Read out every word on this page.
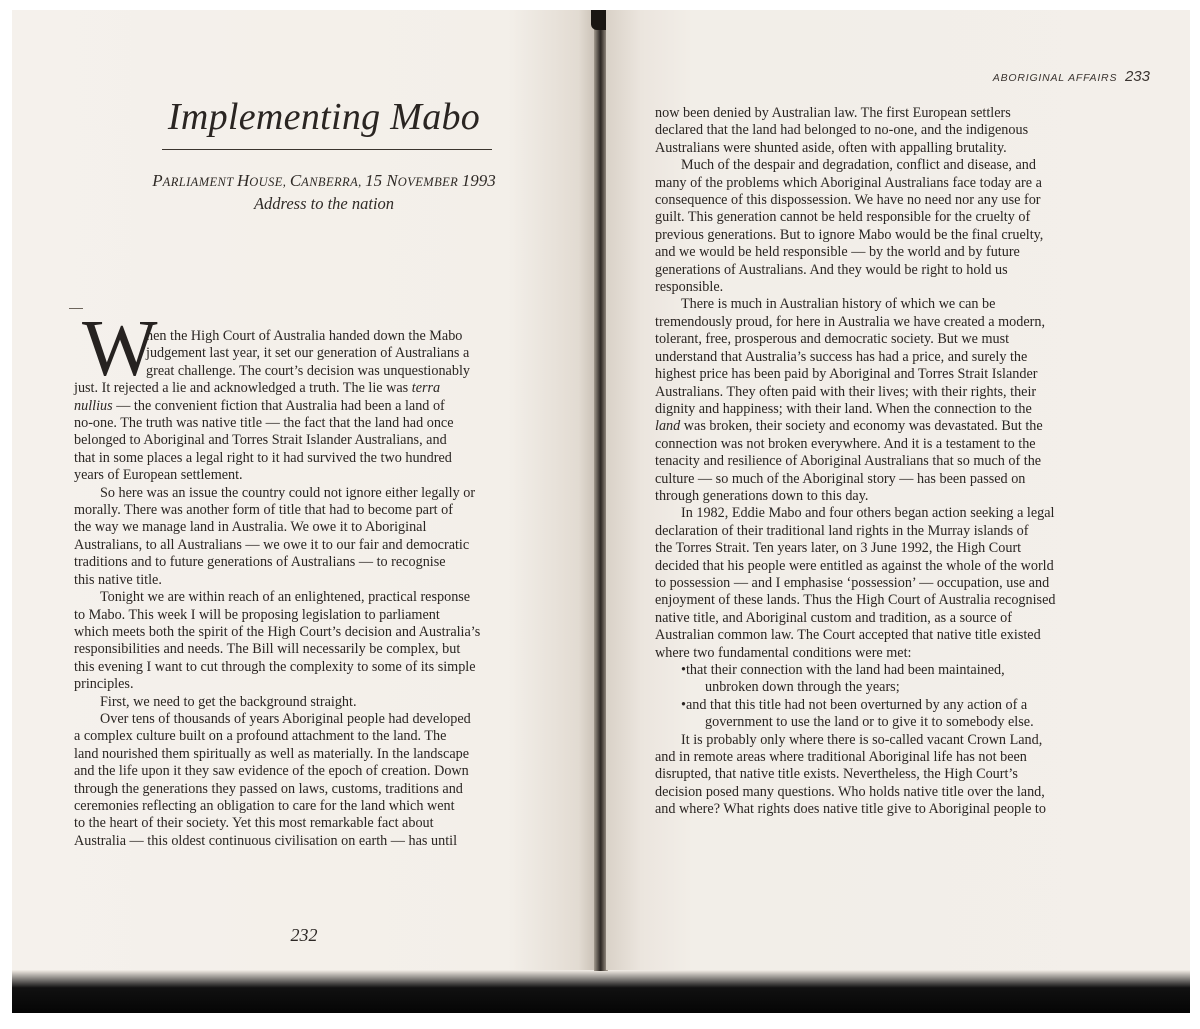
Implementing Mabo
PARLIAMENT HOUSE, CANBERRA, 15 NOVEMBER 1993
Address to the nation
W
hen the High Court of Australia handed down the Mabo
judgement last year, it set our generation of Australians a
great challenge. The court’s decision was unquestionably
just. It rejected a lie and acknowledged a truth. The lie was terra
nullius — the convenient fiction that Australia had been a land of
no-one. The truth was native title — the fact that the land had once
belonged to Aboriginal and Torres Strait Islander Australians, and
that in some places a legal right to it had survived the two hundred
years of European settlement.
So here was an issue the country could not ignore either legally or
morally. There was another form of title that had to become part of
the way we manage land in Australia. We owe it to Aboriginal
Australians, to all Australians — we owe it to our fair and democratic
traditions and to future generations of Australians — to recognise
this native title.
Tonight we are within reach of an enlightened, practical response
to Mabo. This week I will be proposing legislation to parliament
which meets both the spirit of the High Court’s decision and Australia’s
responsibilities and needs. The Bill will necessarily be complex, but
this evening I want to cut through the complexity to some of its simple
principles.
First, we need to get the background straight.
Over tens of thousands of years Aboriginal people had developed
a complex culture built on a profound attachment to the land. The
land nourished them spiritually as well as materially. In the landscape
and the life upon it they saw evidence of the epoch of creation. Down
through the generations they passed on laws, customs, traditions and
ceremonies reflecting an obligation to care for the land which went
to the heart of their society. Yet this most remarkable fact about
Australia — this oldest continuous civilisation on earth — has until
232
ABORIGINAL AFFAIRS 233
now been denied by Australian law. The first European settlers
declared that the land had belonged to no-one, and the indigenous
Australians were shunted aside, often with appalling brutality.
Much of the despair and degradation, conflict and disease, and
many of the problems which Aboriginal Australians face today are a
consequence of this dispossession. We have no need nor any use for
guilt. This generation cannot be held responsible for the cruelty of
previous generations. But to ignore Mabo would be the final cruelty,
and we would be held responsible — by the world and by future
generations of Australians. And they would be right to hold us
responsible.
There is much in Australian history of which we can be
tremendously proud, for here in Australia we have created a modern,
tolerant, free, prosperous and democratic society. But we must
understand that Australia’s success has had a price, and surely the
highest price has been paid by Aboriginal and Torres Strait Islander
Australians. They often paid with their lives; with their rights, their
dignity and happiness; with their land. When the connection to the
land was broken, their society and economy was devastated. But the
connection was not broken everywhere. And it is a testament to the
tenacity and resilience of Aboriginal Australians that so much of the
culture — so much of the Aboriginal story — has been passed on
through generations down to this day.
In 1982, Eddie Mabo and four others began action seeking a legal
declaration of their traditional land rights in the Murray islands of
the Torres Strait. Ten years later, on 3 June 1992, the High Court
decided that his people were entitled as against the whole of the world
to possession — and I emphasise ‘possession’ — occupation, use and
enjoyment of these lands. Thus the High Court of Australia recognised
native title, and Aboriginal custom and tradition, as a source of
Australian common law. The Court accepted that native title existed
where two fundamental conditions were met:
•that their connection with the land had been maintained,
unbroken down through the years;
•and that this title had not been overturned by any action of a
government to use the land or to give it to somebody else.
It is probably only where there is so-called vacant Crown Land,
and in remote areas where traditional Aboriginal life has not been
disrupted, that native title exists. Nevertheless, the High Court’s
decision posed many questions. Who holds native title over the land,
and where? What rights does native title give to Aboriginal people to
